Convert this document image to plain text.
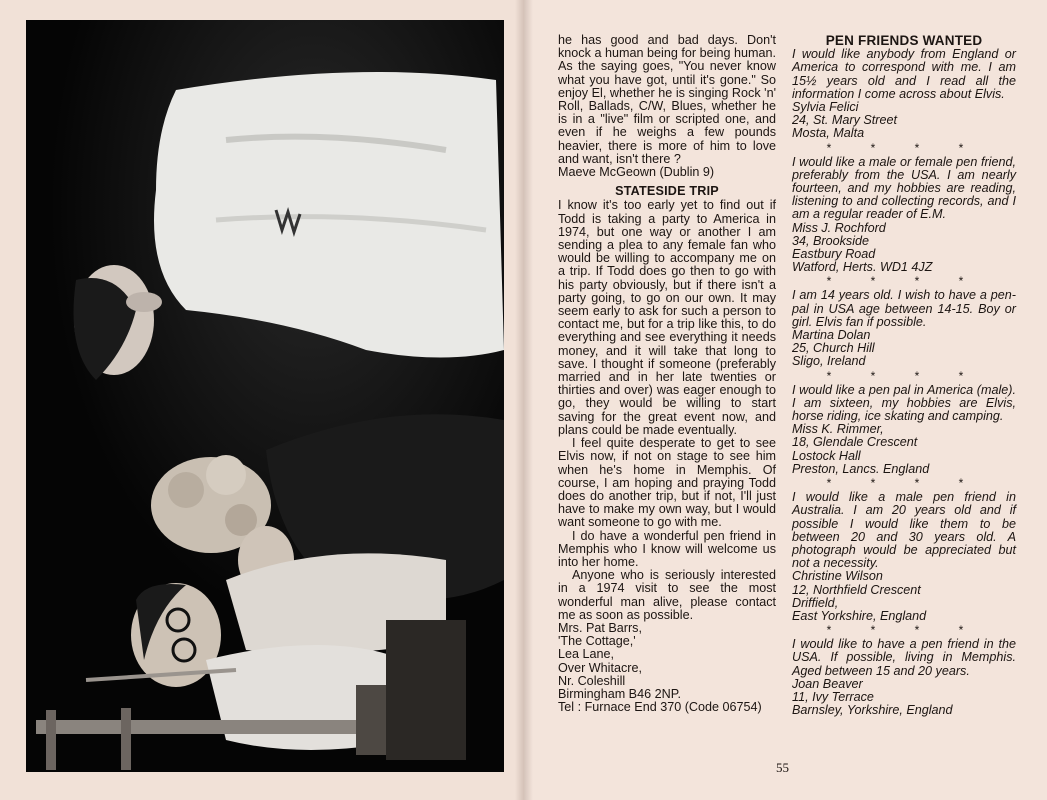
he has good and bad days. Don't knock a human being for being human. As the saying goes, "You never know what you have got, until it's gone." So enjoy El, whether he is singing Rock 'n' Roll, Ballads, C/W, Blues, whether he is in a "live" film or scripted one, and even if he weighs a few pounds heavier, there is more of him to love and want, isn't there ?

Maeve McGeown (Dublin 9)

STATESIDE TRIP

I know it's too early yet to find out if Todd is taking a party to America in 1974, but one way or another I am sending a plea to any female fan who would be willing to accompany me on a trip. If Todd does go then to go with his party obviously, but if there isn't a party going, to go on our own. It may seem early to ask for such a person to contact me, but for a trip like this, to do everything and see everything it needs money, and it will take that long to save. I thought if someone (preferably married and in her late twenties or thirties and over) was eager enough to go, they would be willing to start saving for the great event now, and plans could be made eventually.

I feel quite desperate to get to see Elvis now, if not on stage to see him when he's home in Memphis. Of course, I am hoping and praying Todd does do another trip, but if not, I'll just have to make my own way, but I would want someone to go with me.

I do have a wonderful pen friend in Memphis who I know will welcome us into her home.

Anyone who is seriously interested in a 1974 visit to see the most wonderful man alive, please contact me as soon as possible.

Mrs. Pat Barrs,
'The Cottage,'
Lea Lane,
Over Whitacre,
Nr. Coleshill
Birmingham B46 2NP.
Tel : Furnace End 370 (Code 06754)
PEN FRIENDS WANTED

I would like anybody from England or America to correspond with me. I am 15½ years old and I read all the information I come across about Elvis.

Sylvia Felici
24, St. Mary Street
Mosta, Malta
* * * *

I would like a male or female pen friend, preferably from the USA. I am nearly fourteen, and my hobbies are reading, listening to and collecting records, and I am a regular reader of E.M.

Miss J. Rochford
34, Brookside
Eastbury Road
Watford, Herts. WD1 4JZ
* * * *

I am 14 years old. I wish to have a pen-pal in USA age between 14-15. Boy or girl. Elvis fan if possible.

Martina Dolan
25, Church Hill
Sligo, Ireland
* * * *

I would like a pen pal in America (male). I am sixteen, my hobbies are Elvis, horse riding, ice skating and camping.

Miss K. Rimmer,
18, Glendale Crescent
Lostock Hall
Preston, Lancs. England
* * * *

I would like a male pen friend in Australia. I am 20 years old and if possible I would like them to be between 20 and 30 years old. A photograph would be appreciated but not a necessity.

Christine Wilson
12, Northfield Crescent
Driffield,
East Yorkshire, England
* * * *

I would like to have a pen friend in the USA. If possible, living in Memphis. Aged between 15 and 20 years.

Joan Beaver
11, Ivy Terrace
Barnsley, Yorkshire, England
55
